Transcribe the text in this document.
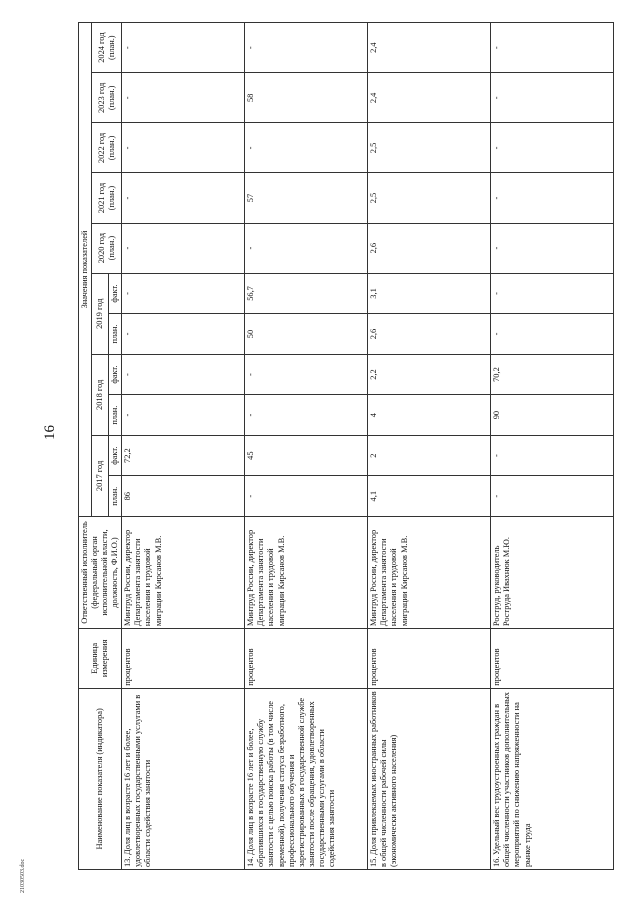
16
21030503.doc
Наименование показателя (индикатора)	Единица измерения	Ответственный исполнитель (федеральный орган исполнительной власти, должность, Ф.И.О.)	Значения показателей										
			2017 год		2018 год		2019 год		2020 год (план.)	2021 год (план.)	2022 год (план.)	2023 год (план.)	2024 год (план.)
			план.	факт.	план.	факт.	план.	факт.					
13.Доля лиц в возрасте 16 лет и более, удовлетворенных государственными услугами в области содействия занятости	процентов	Минтруд России, директор Департамента занятости населения и трудовой миграции Кирсанов М.В.	86	72,2	-	-	-	-	-	-	-	-	-
14.Доля лиц в возрасте 16 лет и более, обратившихся в государственную службу занятости с целью поиска работы (в том числе временной), получения статуса безработного, профессионального обучения и зарегистрированных в государственной службе занятости после обращения, удовлетворенных государственными услугами в области содействия занятости	процентов	Минтруд России, директор Департамента занятости населения и трудовой миграции Кирсанов М.В.	-	45	-	-	50	56,7	-	57	-	58	-
15.Доля привлекаемых иностранных работников в общей численности рабочей силы (экономически активного населения)	процентов	Минтруд России, директор Департамента занятости населения и трудовой миграции Кирсанов М.В.	4,1	2	4	2,2	2,6	3,1	2,6	2,5	2,5	2,4	2,4
16.Удельный вес трудоустроенных граждан в общей численности участников дополнительных мероприятий по снижению напряженности на рынке труда	процентов	Роструд, руководитель Роструда Ивахнюк М.Ю.	-	-	90	70,2	-	-	-	-	-	-	-
